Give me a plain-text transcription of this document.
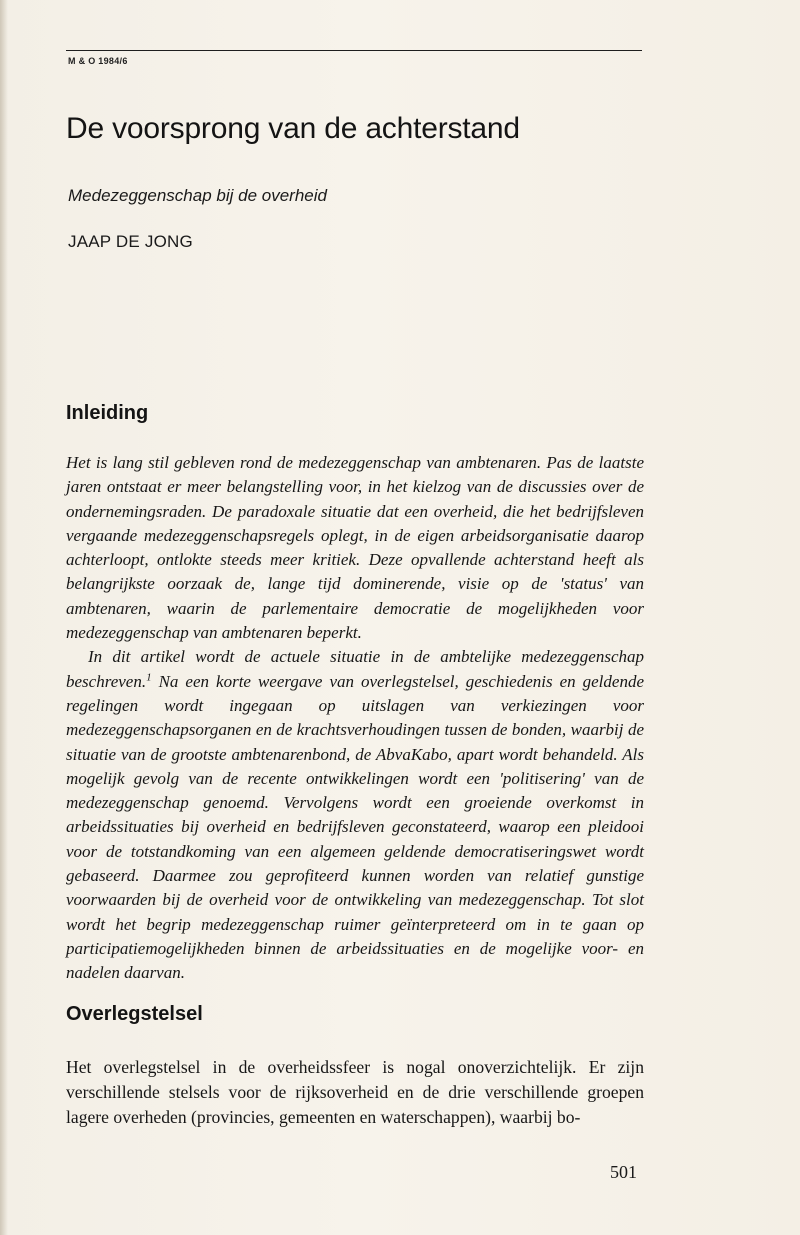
M & O 1984/6
De voorsprong van de achterstand
Medezeggenschap bij de overheid
JAAP DE JONG
Inleiding

Het is lang stil gebleven rond de medezeggenschap van ambtenaren. Pas de laatste jaren ontstaat er meer belangstelling voor, in het kielzog van de discussies over de ondernemingsraden. De paradoxale situatie dat een overheid, die het bedrijfsleven vergaande medezeggenschapsregels oplegt, in de eigen arbeidsorganisatie daarop achterloopt, ontlokte steeds meer kritiek. Deze opvallende achterstand heeft als belangrijkste oorzaak de, lange tijd dominerende, visie op de 'status' van ambtenaren, waarin de parlementaire democratie de mogelijkheden voor medezeggenschap van ambtenaren beperkt.

In dit artikel wordt de actuele situatie in de ambtelijke medezeggenschap beschreven.$^1$ Na een korte weergave van overlegstelsel, geschiedenis en geldende regelingen wordt ingegaan op uitslagen van verkiezingen voor medezeggenschapsorganen en de krachtsverhoudingen tussen de bonden, waarbij de situatie van de grootste ambtenarenbond, de AbvaKabo, apart wordt behandeld. Als mogelijk gevolg van de recente ontwikkelingen wordt een 'politisering' van de medezeggenschap genoemd. Vervolgens wordt een groeiende overkomst in arbeidssituaties bij overheid en bedrijfsleven geconstateerd, waarop een pleidooi voor de totstandkoming van een algemeen geldende democratiseringswet wordt gebaseerd. Daarmee zou geprofiteerd kunnen worden van relatief gunstige voorwaarden bij de overheid voor de ontwikkeling van medezeggenschap. Tot slot wordt het begrip medezeggenschap ruimer geïnterpreteerd om in te gaan op participatiemogelijkheden binnen de arbeidssituaties en de mogelijke voor- en nadelen daarvan.

Overlegstelsel

Het overlegstelsel in de overheidssfeer is nogal onoverzichtelijk. Er zijn verschillende stelsels voor de rijksoverheid en de drie verschillende groepen lagere overheden (provincies, gemeenten en waterschappen), waarbij bo-

501
